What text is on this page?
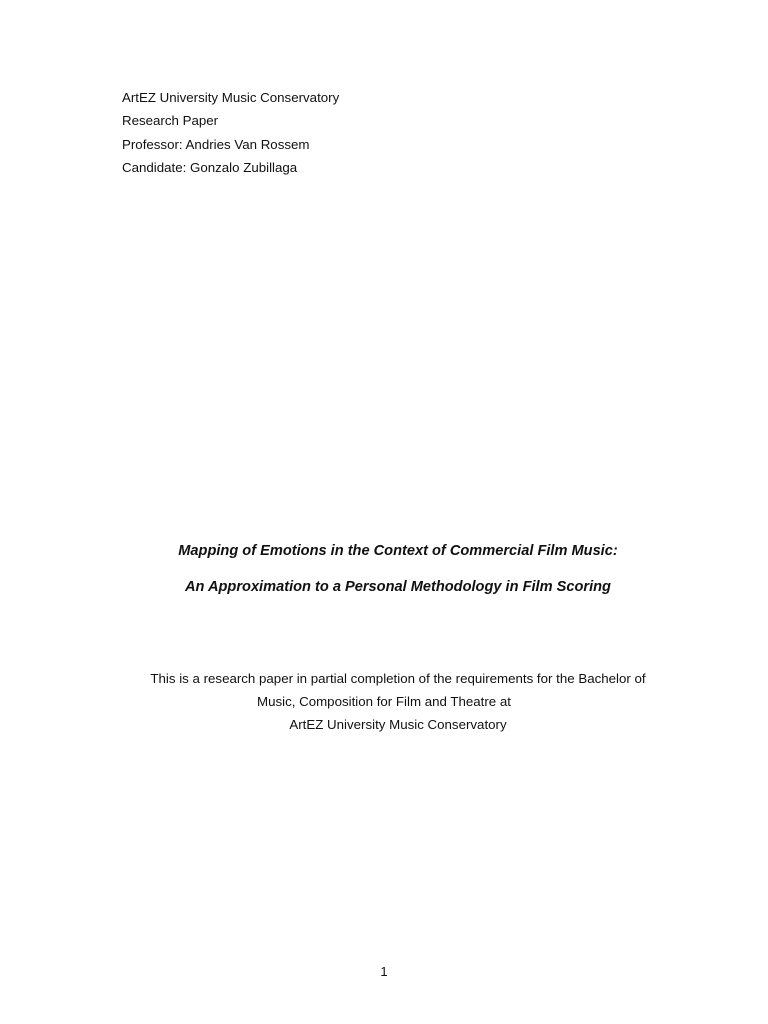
ArtEZ University Music Conservatory
Research Paper
Professor: Andries Van Rossem
Candidate: Gonzalo Zubillaga
Mapping of Emotions in the Context of Commercial Film Music:
An Approximation to a Personal Methodology in Film Scoring
This is a research paper in partial completion of the requirements for the Bachelor of
Music, Composition for Film and Theatre at
ArtEZ University Music Conservatory
1
